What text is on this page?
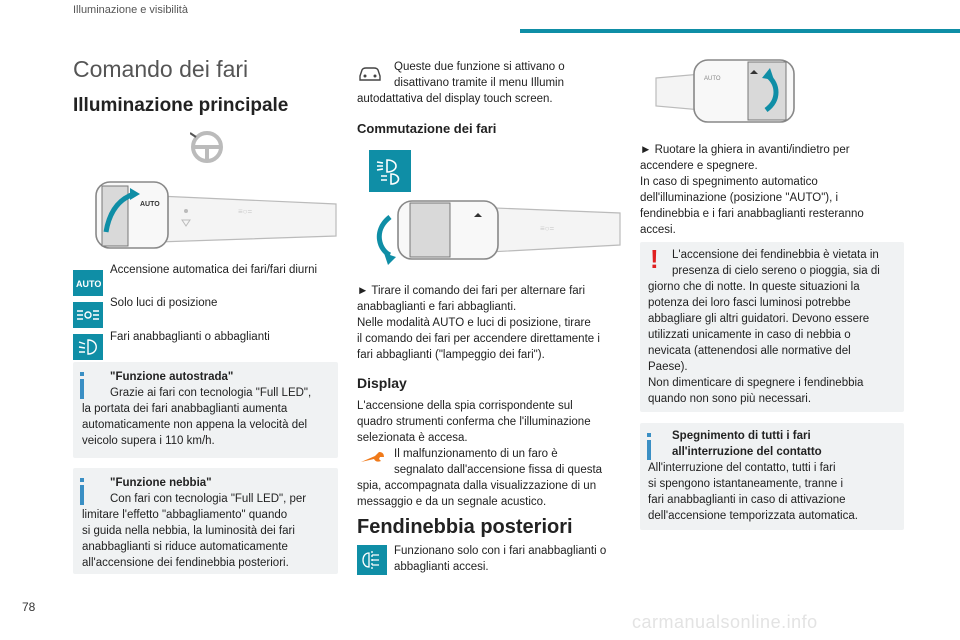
Illuminazione e visibilità
Comando dei fari
Illuminazione principale
AUTO
≡○=
AUTO
Accensione automatica dei fari/fari diurni
Solo luci di posizione
Fari anabbaglianti o abbaglianti
"Funzione autostrada"
Grazie ai fari con tecnologia "Full LED",
la portata dei fari anabbaglianti aumenta
automaticamente non appena la velocità del
veicolo supera i 110 km/h.
"Funzione nebbia"
Con fari con tecnologia "Full LED", per
limitare l'effetto "abbagliamento" quando
si guida nella nebbia, la luminosità dei fari
anabbaglianti si riduce automaticamente
all'accensione dei fendinebbia posteriori.
Queste due funzione si attivano o
disattivano tramite il menu Illumin
autodattativa del display touch screen.
Commutazione dei fari
≡○=
► Tirare il comando dei fari per alternare fari
anabbaglianti e fari abbaglianti.
Nelle modalità AUTO e luci di posizione, tirare
il comando dei fari per accendere direttamente i
fari abbaglianti ("lampeggio dei fari").
Display
L'accensione della spia corrispondente sul
quadro strumenti conferma che l'illuminazione
selezionata è accesa.
Il malfunzionamento di un faro è
segnalato dall'accensione fissa di questa
spia, accompagnata dalla visualizzazione di un
messaggio e da un segnale acustico.
Fendinebbia posteriori
Funzionano solo con i fari anabbaglianti o
abbaglianti accesi.
AUTO
► Ruotare la ghiera in avanti/indietro per
accendere e spegnere.
In caso di spegnimento automatico
dell'illuminazione (posizione "AUTO"), i
fendinebbia e i fari anabbaglianti resteranno
accesi.
! L'accensione dei fendinebbia è vietata in
presenza di cielo sereno o pioggia, sia di
giorno che di notte. In queste situazioni la
potenza dei loro fasci luminosi potrebbe
abbagliare gli altri guidatori. Devono essere
utilizzati unicamente in caso di nebbia o
nevicata (attenendosi alle normative del
Paese).
Non dimenticare di spegnere i fendinebbia
quando non sono più necessari.
Spegnimento di tutti i fari
all'interruzione del contatto
All'interruzione del contatto, tutti i fari
si spengono istantaneamente, tranne i
fari anabbaglianti in caso di attivazione
dell'accensione temporizzata automatica.
78
carmanualsonline.info
